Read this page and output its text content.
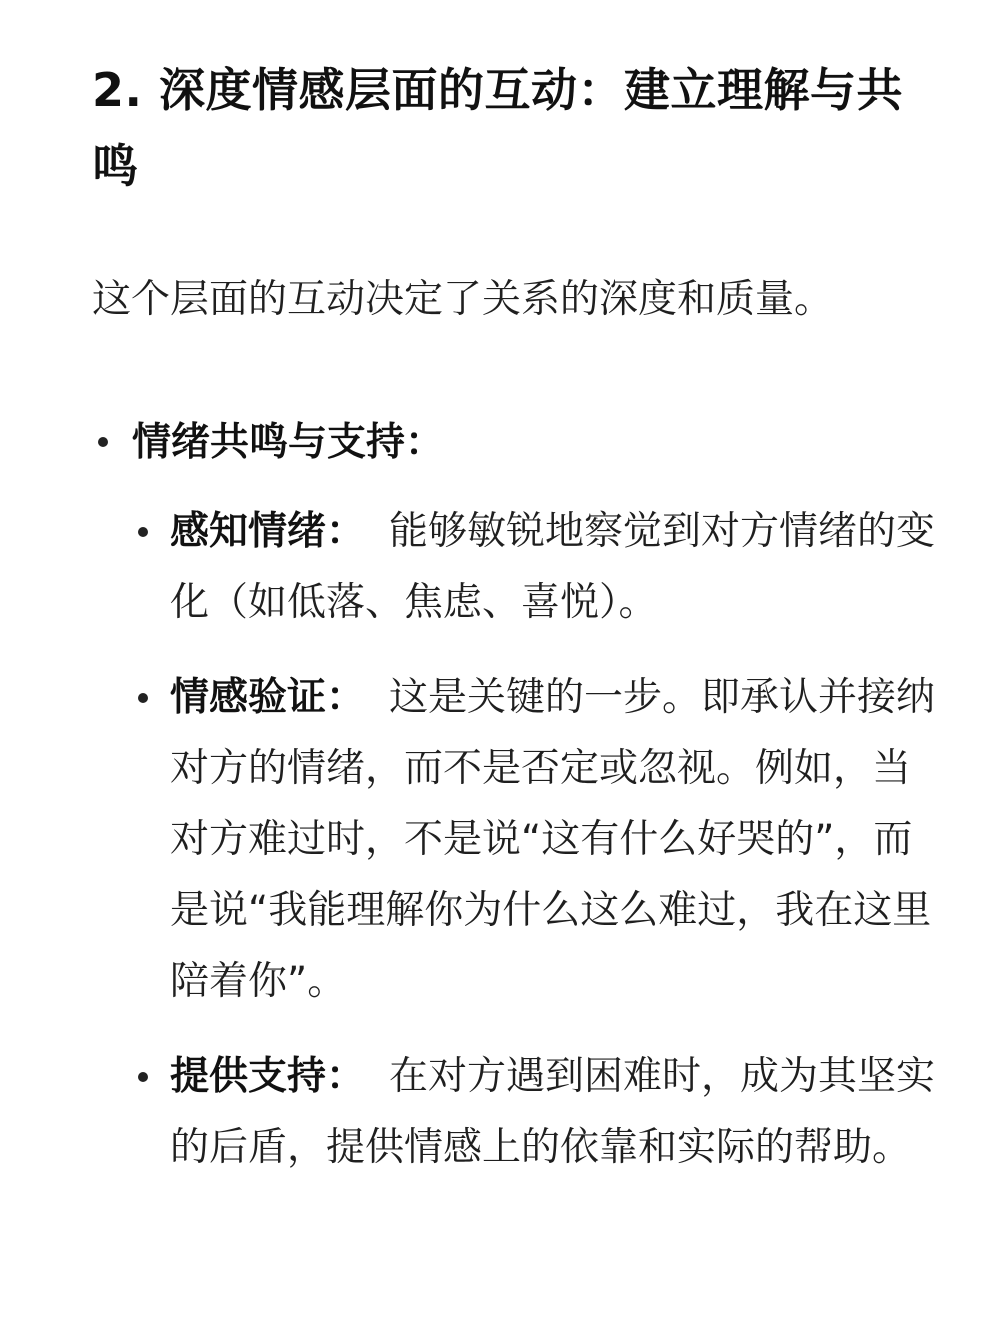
2. 深度情感层面的互动：建立理解与共鸣

这个层面的互动决定了关系的深度和质量。

情绪共鸣与支持：
感知情绪： 能够敏锐地察觉到对方情绪的变化（如低落、焦虑、喜悦）。
情感验证： 这是关键的一步。即承认并接纳对方的情绪，而不是否定或忽视。例如，当对方难过时，不是说“这有什么好哭的”，而是说“我能理解你为什么这么难过，我在这里陪着你”。
提供支持： 在对方遇到困难时，成为其坚实的后盾，提供情感上的依靠和实际的帮助。
